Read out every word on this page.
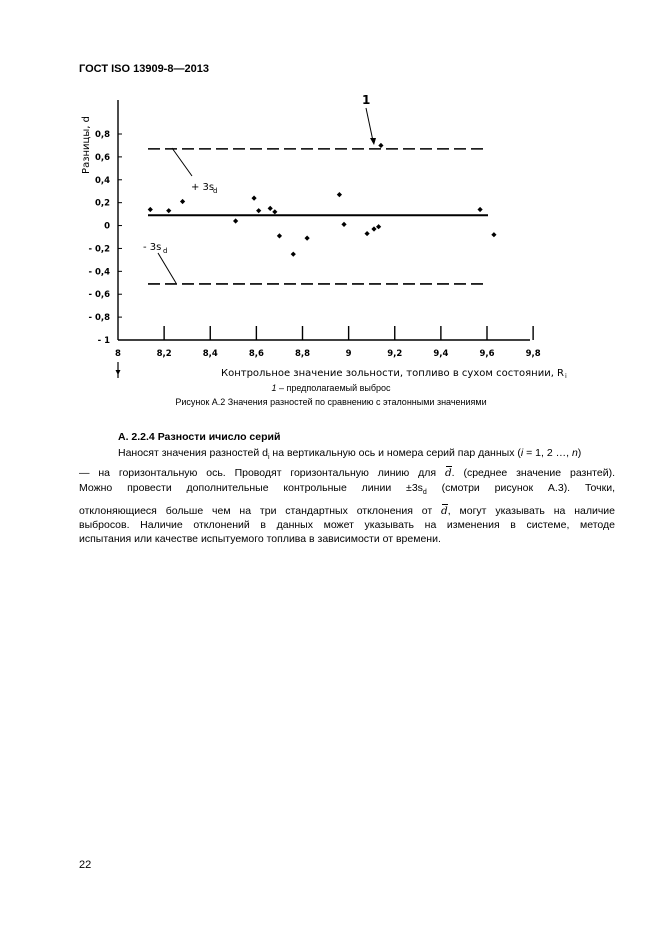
ГОСТ ISO 13909-8—2013
0,8
0,6
0,4
0,2
0
- 0,2
- 0,4
- 0,6
- 0,8
- 1
8	8,2	8,4	8,6	8,8	9	9,2	9,4	9,6	9,8
Разницы, d
Контрольное значение зольности, топливо в сухом состоянии, R i
+ 3s
d
- 3s d
1
1 – предполагаемый выброс
Рисунок А.2 Значения разностей по сравнению с эталонными значениями
А. 2.2.4 Разности ичисло серий
Наносят значения разностей $d_i$ на вертикальную ось и номера серий пар данных (i = 1, 2 …, n)
— на горизонтальную ось. Проводят горизонтальную линию для d. (среднее значение разнтей).
Можно провести дополнительные контрольные линии $\pm 3s_d$ (смотри рисунок А.3). Точки,
отклоняющиеся больше чем на три стандартных отклонения от d, могут указывать на наличие
выбросов. Наличие отклонений в данных может указывать на изменения в системе, методе
испытания или качестве испытуемого топлива в зависимости от времени.
22
